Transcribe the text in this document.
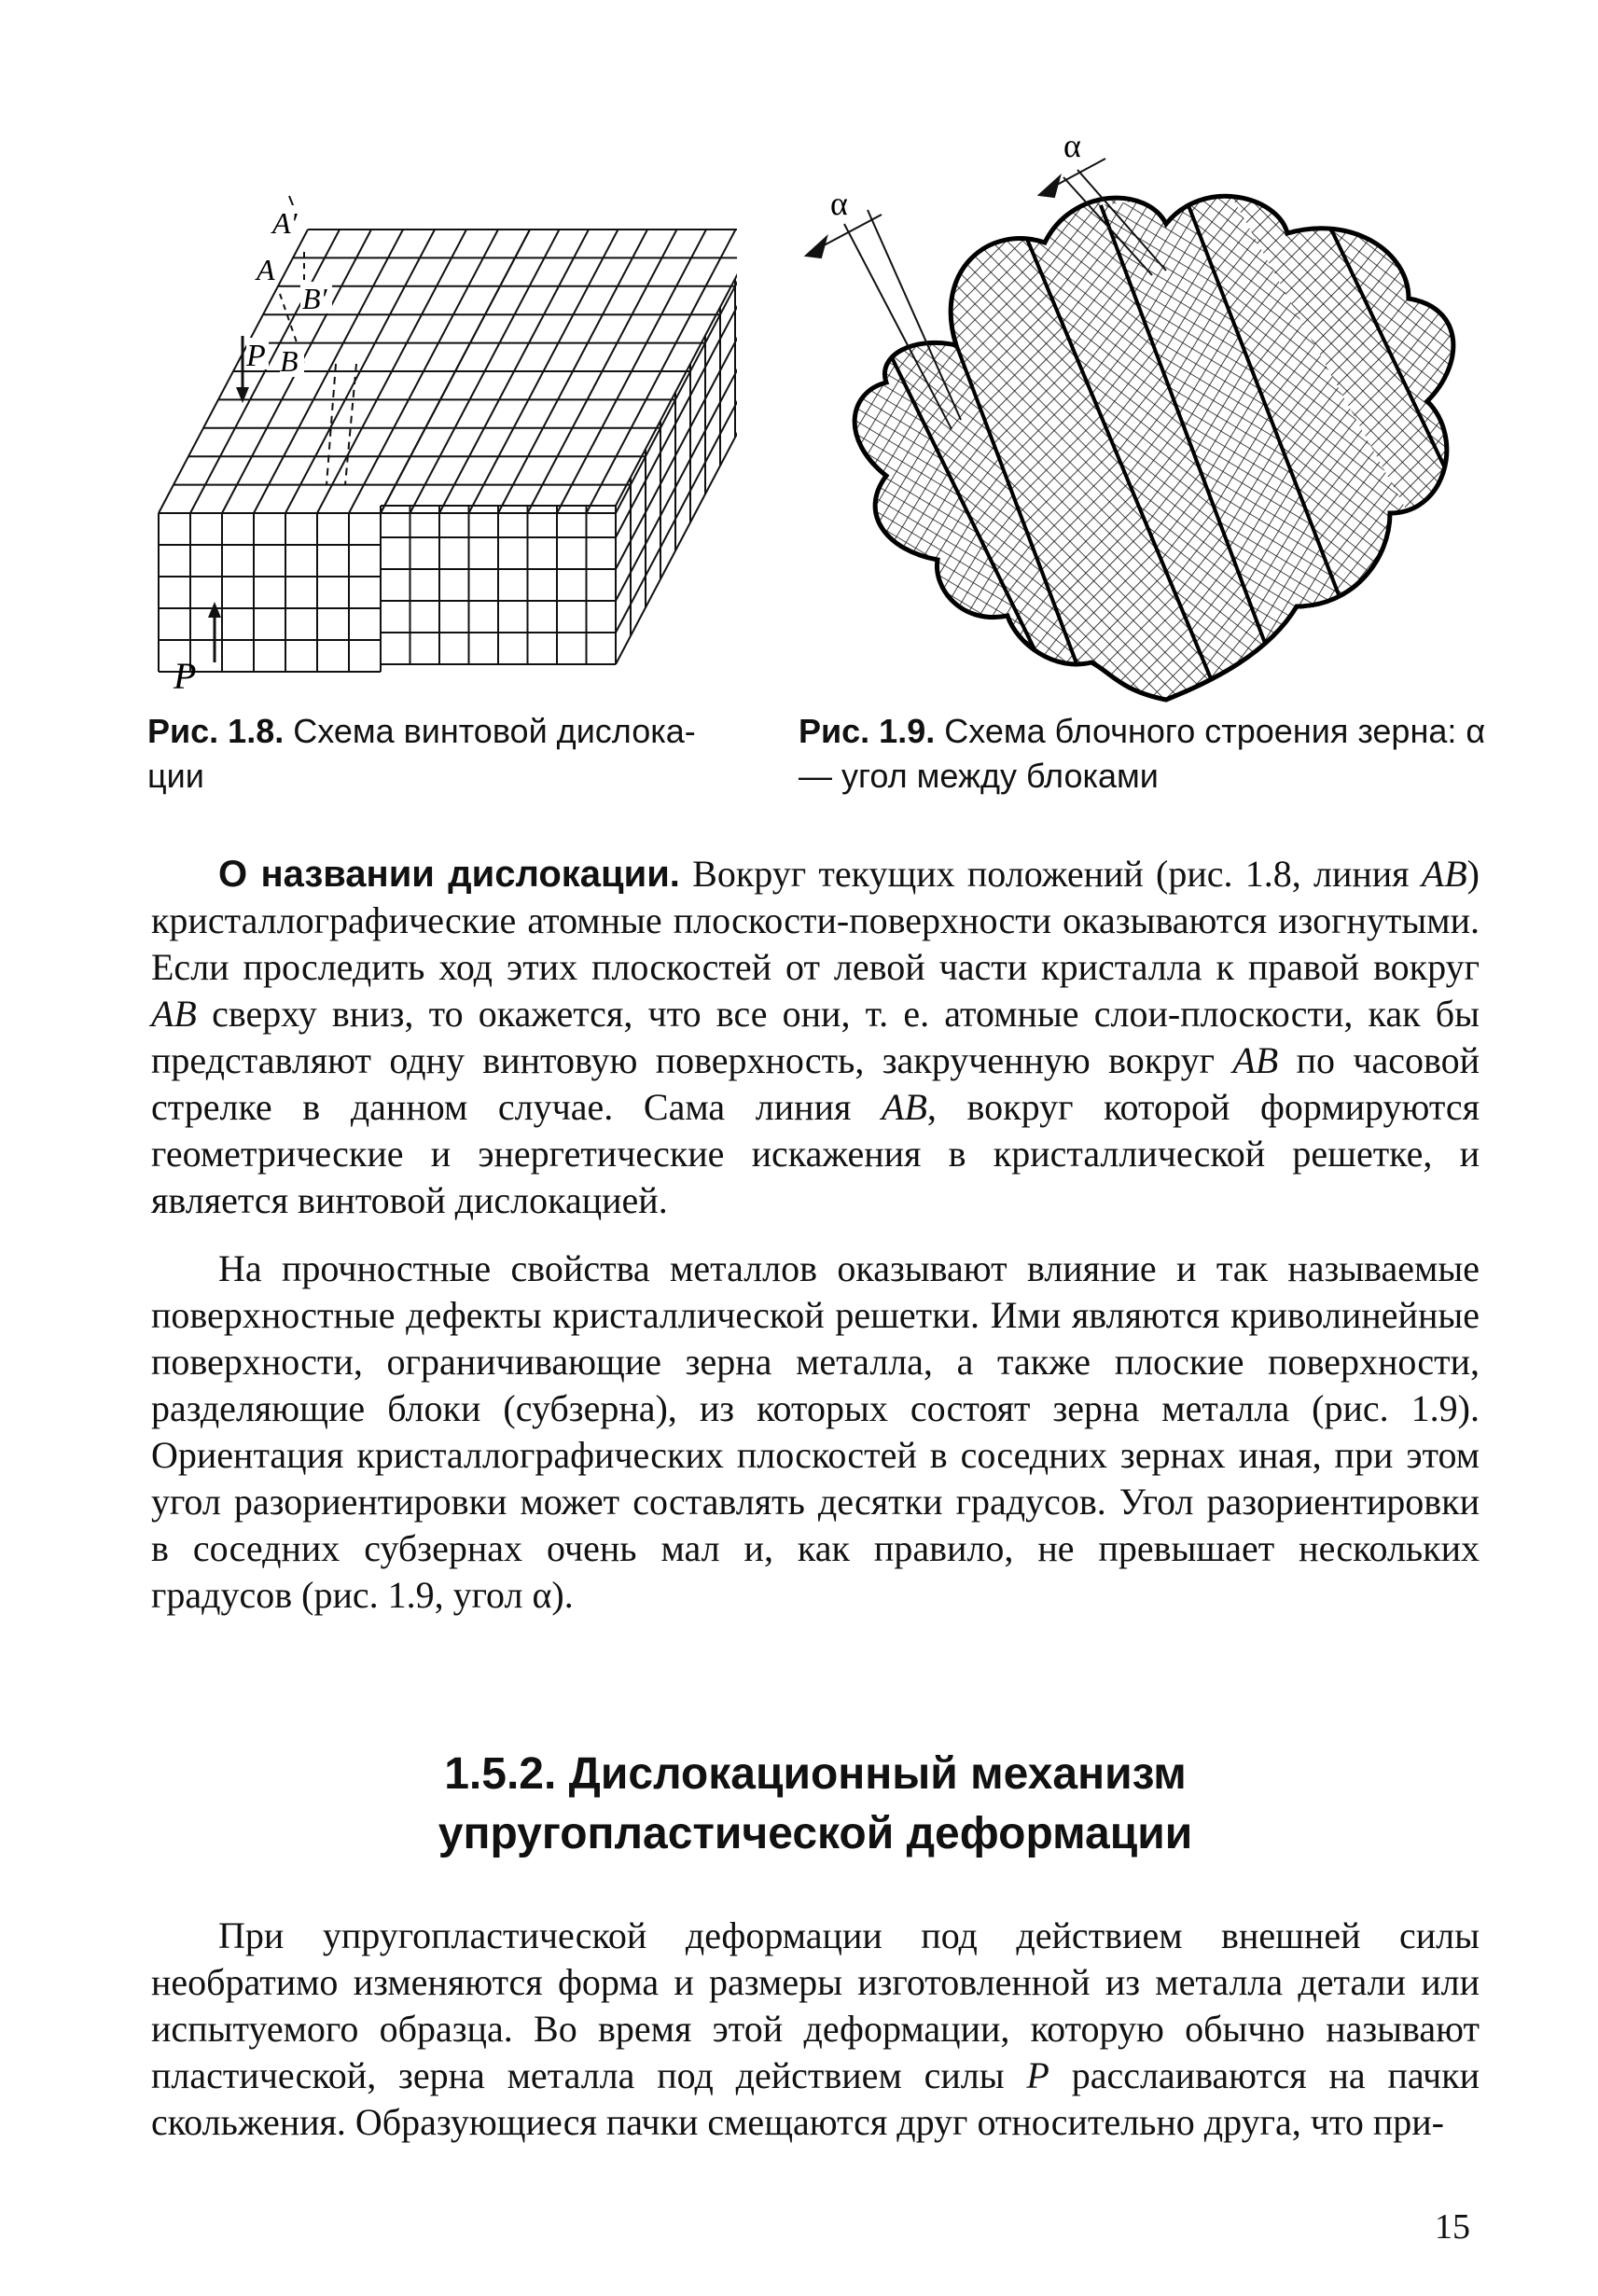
A′
A
B′
P B
P
α
α
Рис. 1.8. Схема винтовой дислока-ции
Рис. 1.9. Схема блочного строения зерна: α — угол между блоками

О названии дислокации. Вокруг текущих положений (рис. 1.8, линия AB) кристаллографические атомные плоскости-поверхности оказываются изогнутыми. Если проследить ход этих плоскостей от левой части кристалла к правой вокруг AB сверху вниз, то окажется, что все они, т. е. атомные слои-плоскости, как бы представляют одну винтовую поверхность, закрученную вокруг AB по часовой стрелке в данном случае. Сама линия AB, вокруг которой формируются геометрические и энергетические искажения в кристаллической решетке, и является винтовой дислокацией.

На прочностные свойства металлов оказывают влияние и так называемые поверхностные дефекты кристаллической решетки. Ими являются криволинейные поверхности, ограничивающие зерна металла, а также плоские поверхности, разделяющие блоки (субзерна), из которых состоят зерна металла (рис. 1.9). Ориентация кристаллографических плоскостей в соседних зернах иная, при этом угол разориентировки может составлять десятки градусов. Угол разориентировки в соседних субзернах очень мал и, как правило, не превышает нескольких градусов (рис. 1.9, угол α).

1.5.2. Дислокационный механизм
упругопластической деформации

При упругопластической деформации под действием внешней силы необратимо изменяются форма и размеры изготовленной из металла детали или испытуемого образца. Во время этой деформации, которую обычно называют пластической, зерна металла под действием силы P расслаиваются на пачки скольжения. Образующиеся пачки смещаются друг относительно друга, что при-

15
